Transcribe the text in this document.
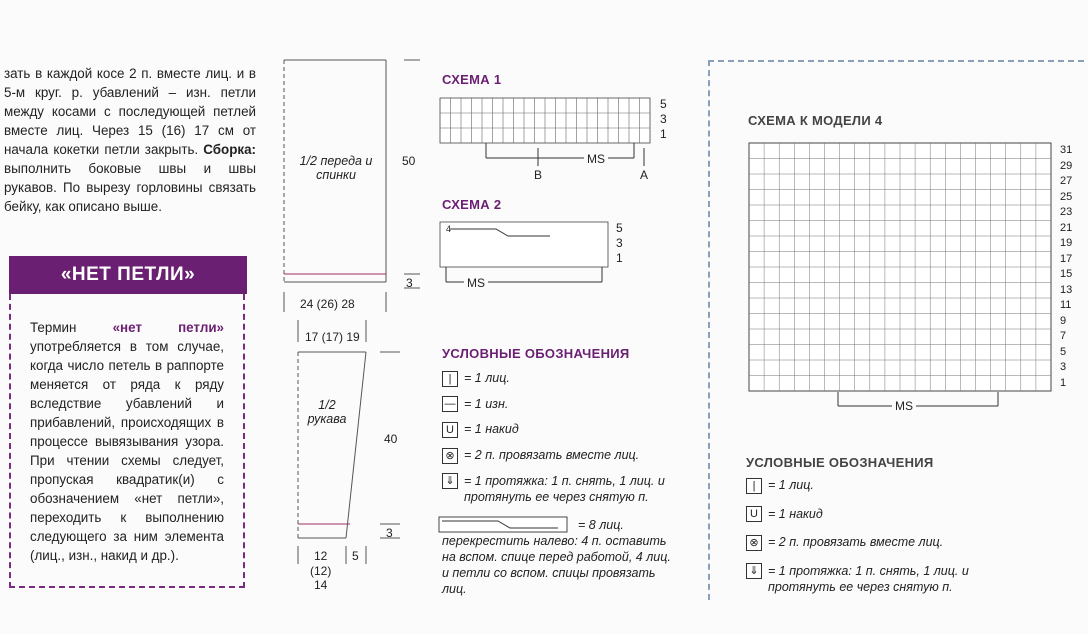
зать в каждой косе 2 п. вместе лиц. и в 5-м круг. р. убавлений – изн. петли между косами с последующей петлей вместе лиц. Через 15 (16) 17 см от начала кокетки петли закрыть. Сборка: выполнить боковые швы и швы рукавов. По вырезу горловины связать бейку, как описано выше.
«НЕТ ПЕТЛИ»
Термин «нет петли» употребляется в том случае, когда число петель в раппорте меняется от ряда к ряду вследствие убавлений и прибавлений, происходящих в процессе вывязывания узора. При чтении схемы следует, пропуская квадратик(и) с обозначением «нет петли», переходить к выполнению следующего за ним элемента (лиц., изн., накид и др.).
1/2 переда и спинки
50
3
24 (26) 28
17 (17) 19
1/2 рукава
40
3
12
(12)
14
5
СХЕМА 1
5
3
1
MS
B	A
СХЕМА 2
4	5
3
1
MS
УСЛОВНЫЕ ОБОЗНАЧЕНИЯ
| = 1 лиц.
— = 1 изн.
U = 1 накид
⊗ = 2 п. провязать вместе лиц.
⇓ = 1 протяжка: 1 п. снять, 1 лиц. и протянуть ее через снятую п.
= 8 лиц. перекрестить налево: 4 п. оставить на вспом. спице перед работой, 4 лиц. и петли со вспом. спицы провязать лиц.
СХЕМА К МОДЕЛИ 4
31
29
27
25
23
21
19
17
15
13
11
9
7
5
3
1
MS
УСЛОВНЫЕ ОБОЗНАЧЕНИЯ
| = 1 лиц.
U = 1 накид
⊗ = 2 п. провязать вместе лиц.
⇓ = 1 протяжка: 1 п. снять, 1 лиц. и протянуть ее через снятую п.
